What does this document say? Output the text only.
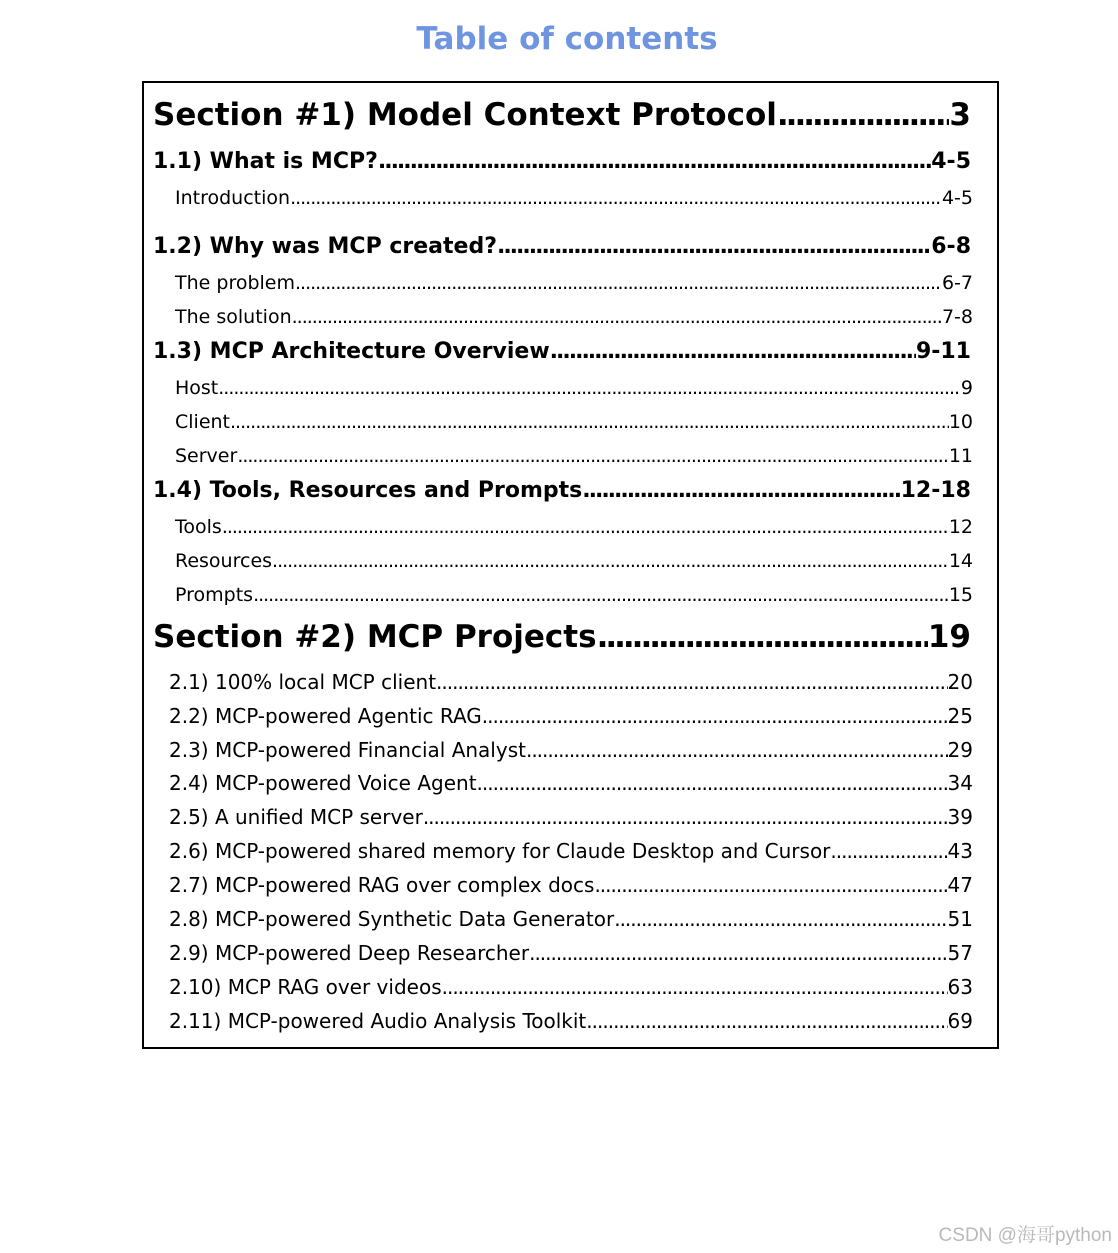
Table of contents
Section #1) Model Context Protocol .....	3
1.1) What is MCP? .....	4-5
Introduction .....	4-5
1.2) Why was MCP created? .....	6-8
The problem .....	6-7
The solution .....	7-8
1.3) MCP Architecture Overview .....	9-11
Host .....	9
Client .....	10
Server .....	11
1.4) Tools, Resources and Prompts .....	12-18
Tools .....	12
Resources .....	14
Prompts .....	15
Section #2) MCP Projects .....	19
2.1) 100% local MCP client .....	20
2.2) MCP-powered Agentic RAG .....	25
2.3) MCP-powered Financial Analyst .....	29
2.4) MCP-powered Voice Agent .....	34
2.5) A unified MCP server .....	39
2.6) MCP-powered shared memory for Claude Desktop and Cursor .....	43
2.7) MCP-powered RAG over complex docs .....	47
2.8) MCP-powered Synthetic Data Generator .....	51
2.9) MCP-powered Deep Researcher .....	57
2.10) MCP RAG over videos .....	63
2.11) MCP-powered Audio Analysis Toolkit .....	69
CSDN @海哥python
